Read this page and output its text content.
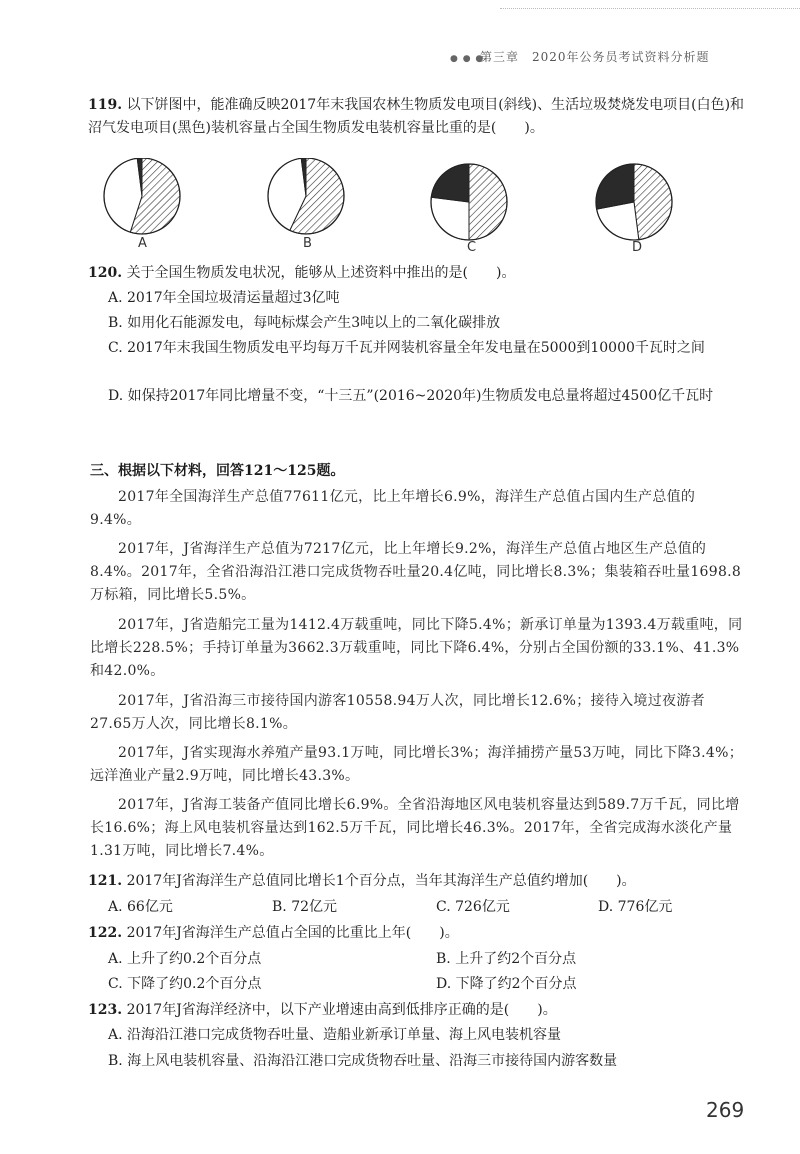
● ● ●
第三章　2020年公务员考试资料分析题
119. 以下饼图中，能准确反映2017年末我国农林生物质发电项目(斜线)、生活垃圾焚烧发电项目(白色)和沼气发电项目(黑色)装机容量占全国生物质发电装机容量比重的是(　　)。
A	B	C	D
120. 关于全国生物质发电状况，能够从上述资料中推出的是(　　)。
A. 2017年全国垃圾清运量超过3亿吨
B. 如用化石能源发电，每吨标煤会产生3吨以上的二氧化碳排放
C. 2017年末我国生物质发电平均每万千瓦并网装机容量全年发电量在5000到10000千瓦时之间
D. 如保持2017年同比增量不变，“十三五”(2016~2020年)生物质发电总量将超过4500亿千瓦时
三、根据以下材料，回答121～125题。
2017年全国海洋生产总值77611亿元，比上年增长6.9%，海洋生产总值占国内生产总值的9.4%。
2017年，J省海洋生产总值为7217亿元，比上年增长9.2%，海洋生产总值占地区生产总值的8.4%。2017年，全省沿海沿江港口完成货物吞吐量20.4亿吨，同比增长8.3%；集装箱吞吐量1698.8万标箱，同比增长5.5%。
2017年，J省造船完工量为1412.4万载重吨，同比下降5.4%；新承订单量为1393.4万载重吨，同比增长228.5%；手持订单量为3662.3万载重吨，同比下降6.4%，分别占全国份额的33.1%、41.3%和42.0%。
2017年，J省沿海三市接待国内游客10558.94万人次，同比增长12.6%；接待入境过夜游者27.65万人次，同比增长8.1%。
2017年，J省实现海水养殖产量93.1万吨，同比增长3%；海洋捕捞产量53万吨，同比下降3.4%；远洋渔业产量2.9万吨，同比增长43.3%。
2017年，J省海工装备产值同比增长6.9%。全省沿海地区风电装机容量达到589.7万千瓦，同比增长16.6%；海上风电装机容量达到162.5万千瓦，同比增长46.3%。2017年，全省完成海水淡化产量1.31万吨，同比增长7.4%。
121. 2017年J省海洋生产总值同比增长1个百分点，当年其海洋生产总值约增加(　　)。
A. 66亿元	B. 72亿元	C. 726亿元	D. 776亿元
122. 2017年J省海洋生产总值占全国的比重比上年(　　)。
A. 上升了约0.2个百分点	B. 上升了约2个百分点
C. 下降了约0.2个百分点	D. 下降了约2个百分点
123. 2017年J省海洋经济中，以下产业增速由高到低排序正确的是(　　)。
A. 沿海沿江港口完成货物吞吐量、造船业新承订单量、海上风电装机容量
B. 海上风电装机容量、沿海沿江港口完成货物吞吐量、沿海三市接待国内游客数量
269
